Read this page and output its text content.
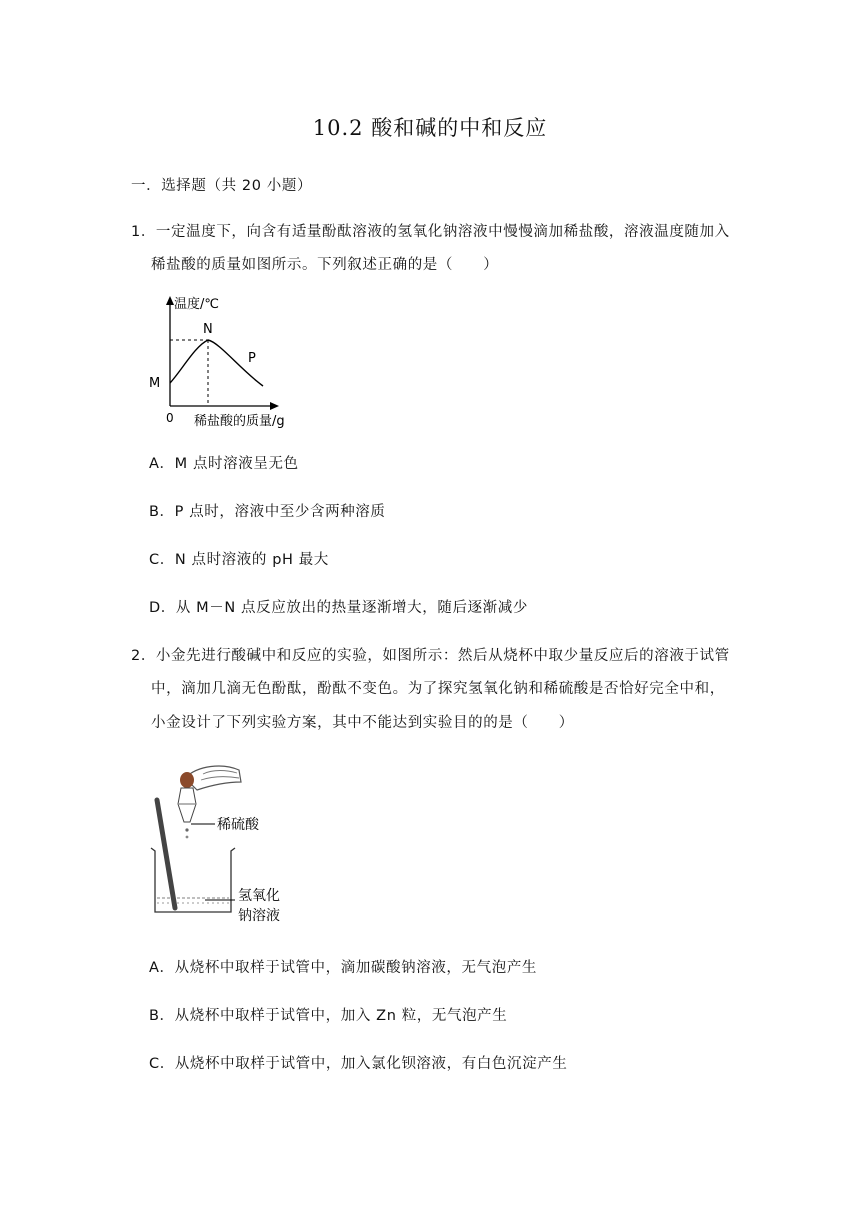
10.2 酸和碱的中和反应
一．选择题（共 20 小题）
1．一定温度下，向含有适量酚酞溶液的氢氧化钠溶液中慢慢滴加稀盐酸，溶液温度随加入
稀盐酸的质量如图所示。下列叙述正确的是（　　）
温度/℃
稀盐酸的质量/g
0
M
N
P
A．M 点时溶液呈无色
B．P 点时，溶液中至少含两种溶质
C．N 点时溶液的 pH 最大
D．从 M－N 点反应放出的热量逐渐增大，随后逐渐减少
2．小金先进行酸碱中和反应的实验，如图所示：然后从烧杯中取少量反应后的溶液于试管
中，滴加几滴无色酚酞，酚酞不变色。为了探究氢氧化钠和稀硫酸是否恰好完全中和，
小金设计了下列实验方案，其中不能达到实验目的的是（　　）
稀硫酸
氢氧化
钠溶液
A．从烧杯中取样于试管中，滴加碳酸钠溶液，无气泡产生
B．从烧杯中取样于试管中，加入 Zn 粒，无气泡产生
C．从烧杯中取样于试管中，加入氯化钡溶液，有白色沉淀产生
